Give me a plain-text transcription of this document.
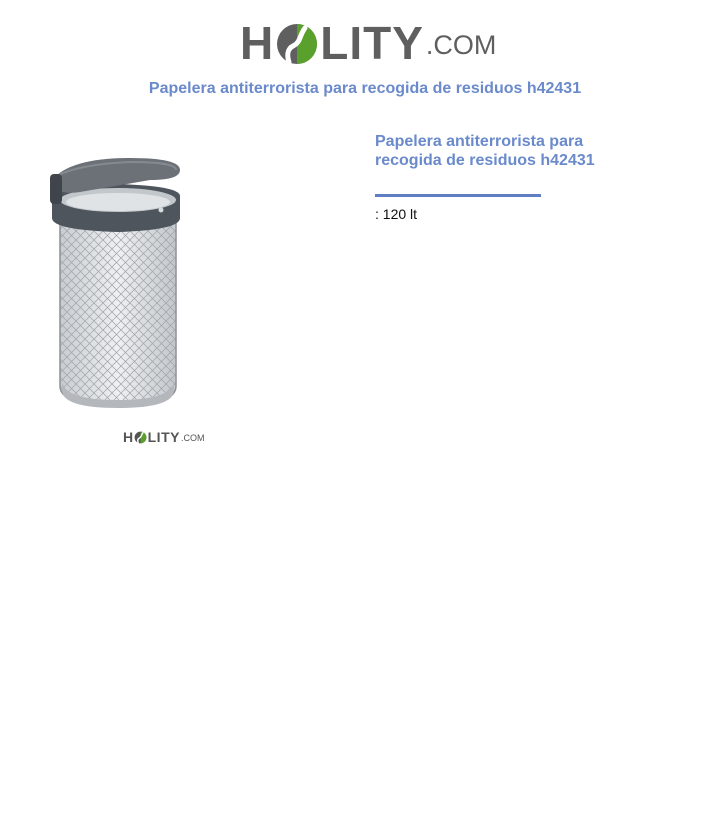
H LITY .COM
Papelera antiterrorista para recogida de residuos h42431
H LITY .COM
Papelera antiterrorista para recogida de residuos h42431
: 120 lt
